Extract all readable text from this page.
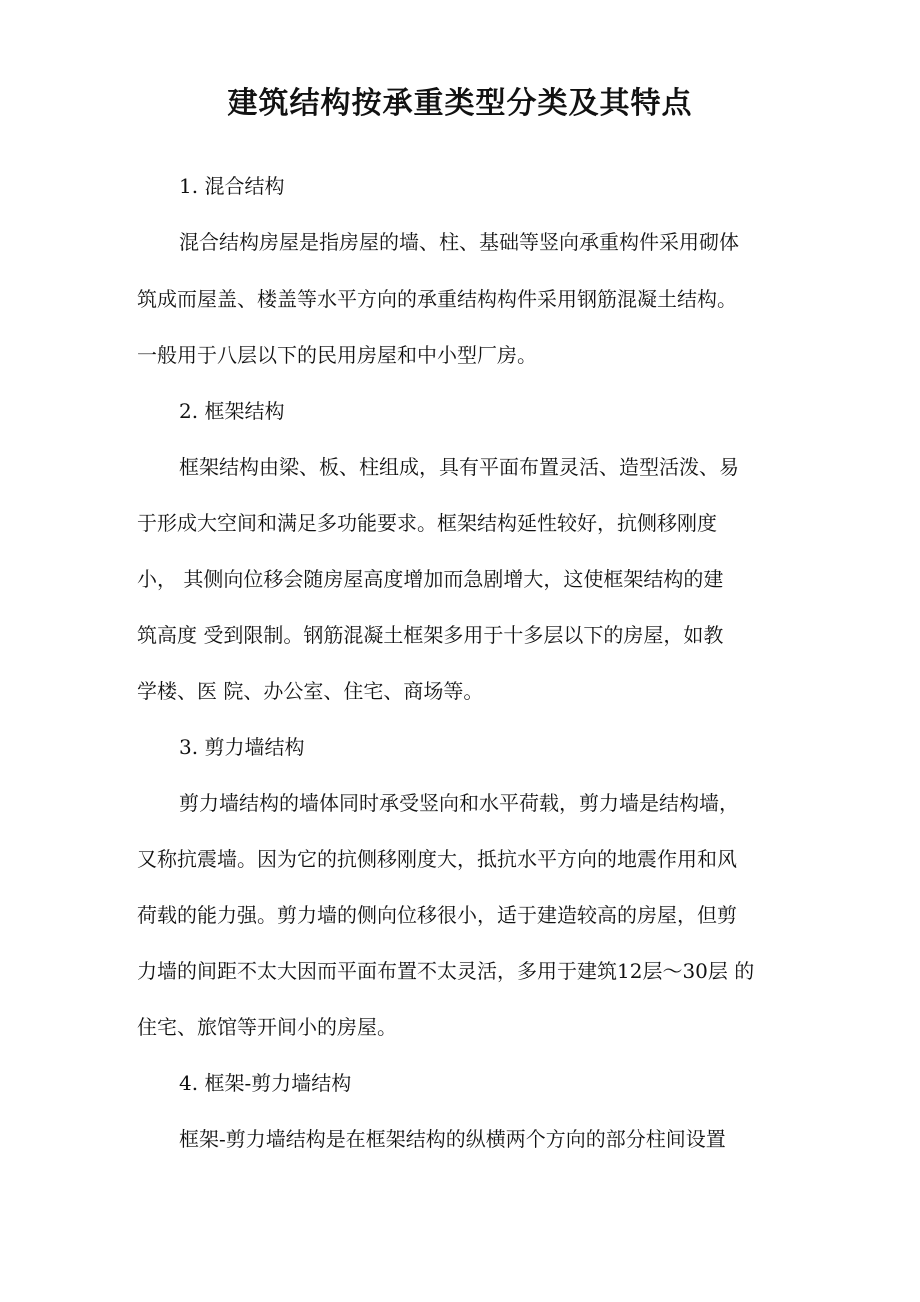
建筑结构按承重类型分类及其特点
1. 混合结构
混合结构房屋是指房屋的墙、柱、基础等竖向承重构件采用砌体
筑成而屋盖、楼盖等水平方向的承重结构构件采用钢筋混凝土结构。
一般用于八层以下的民用房屋和中小型厂房。
2. 框架结构
框架结构由梁、板、柱组成，具有平面布置灵活、造型活泼、易
于形成大空间和满足多功能要求。框架结构延性较好，抗侧移刚度
小， 其侧向位移会随房屋高度增加而急剧增大，这使框架结构的建
筑高度 受到限制。钢筋混凝土框架多用于十多层以下的房屋，如教
学楼、医 院、办公室、住宅、商场等。
3. 剪力墙结构
剪力墙结构的墙体同时承受竖向和水平荷载，剪力墙是结构墙，
又称抗震墙。因为它的抗侧移刚度大，抵抗水平方向的地震作用和风
荷载的能力强。剪力墙的侧向位移很小，适于建造较高的房屋，但剪
力墙的间距不太大因而平面布置不太灵活，多用于建筑12层〜30层 的
住宅、旅馆等开间小的房屋。
4. 框架-剪力墙结构
框架-剪力墙结构是在框架结构的纵横两个方向的部分柱间设置
